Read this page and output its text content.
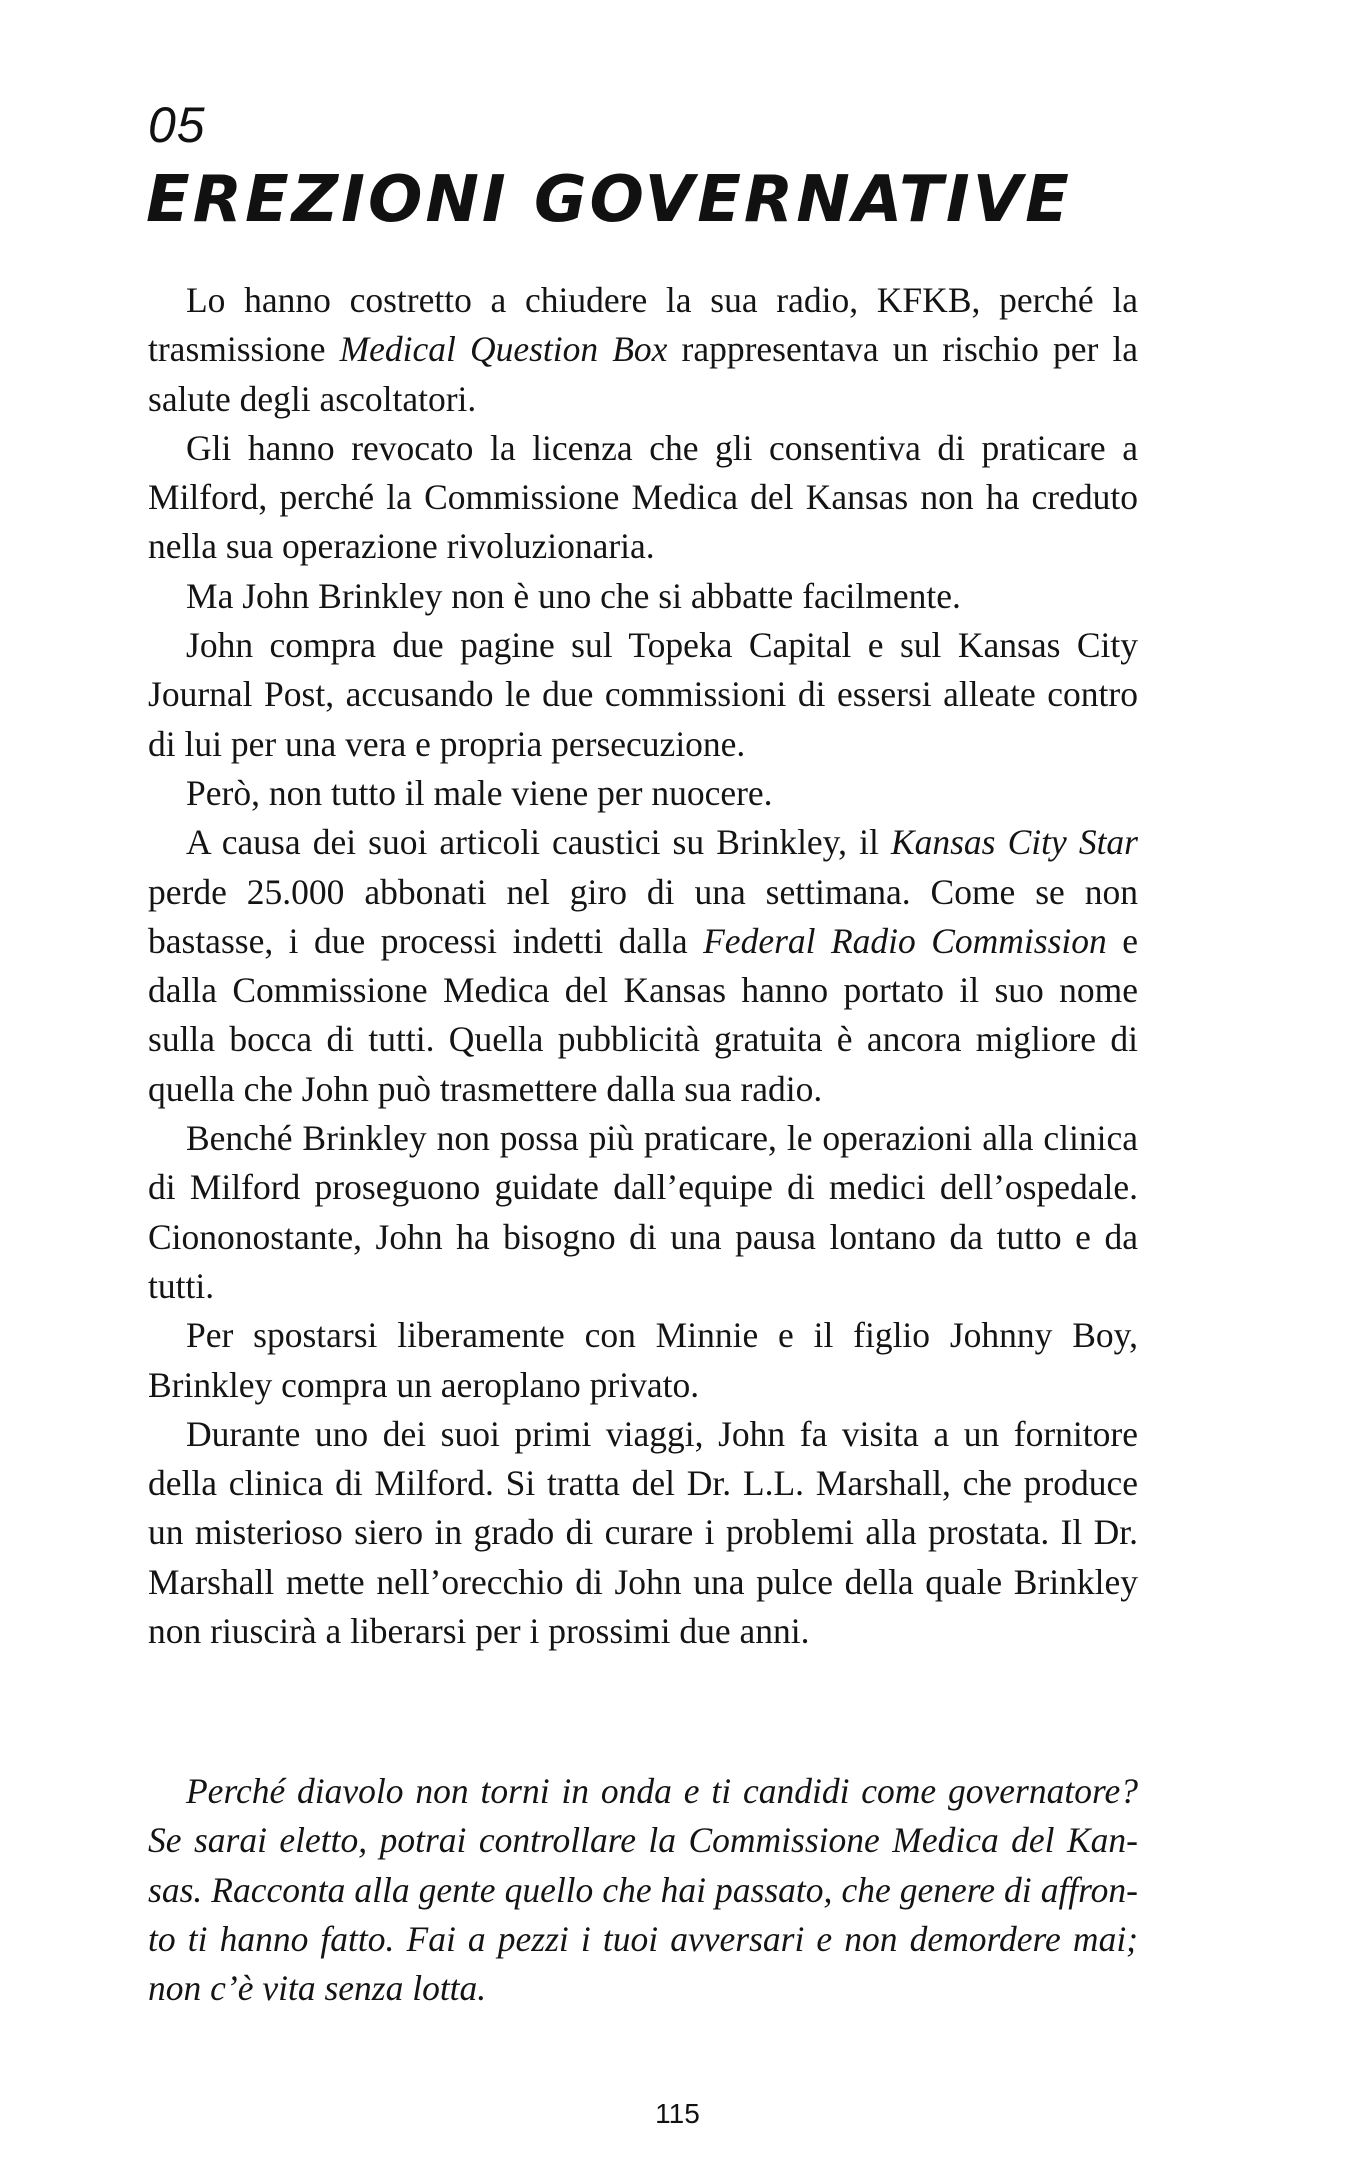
05
EREZIONI GOVERNATIVE

Lo hanno costretto a chiudere la sua radio, KFKB, perché la trasmissione Medical Question Box rappresentava un rischio per la salute degli ascoltatori.

Gli hanno revocato la licenza che gli consentiva di praticare a Milford, perché la Commissione Medica del Kansas non ha creduto nella sua operazione rivoluzionaria.

Ma John Brinkley non è uno che si abbatte facilmente.

John compra due pagine sul Topeka Capital e sul Kansas City Journal Post, accusando le due commissioni di essersi alleate contro di lui per una vera e propria persecuzione.

Però, non tutto il male viene per nuocere.

A causa dei suoi articoli caustici su Brinkley, il Kansas City Star perde 25.000 abbonati nel giro di una settimana. Come se non bastasse, i due processi indetti dalla Federal Radio Commission e dalla Commissione Medica del Kansas hanno portato il suo nome sulla bocca di tutti. Quella pubblicità gratuita è ancora migliore di quella che John può trasmettere dalla sua radio.

Benché Brinkley non possa più praticare, le operazioni alla clinica di Milford proseguono guidate dall’equipe di medici dell’ospedale. Ciononostante, John ha bisogno di una pausa lontano da tutto e da tutti.

Per spostarsi liberamente con Minnie e il figlio Johnny Boy, Brinkley compra un aeroplano privato.

Durante uno dei suoi primi viaggi, John fa visita a un fornitore della clinica di Milford. Si tratta del Dr. L.L. Marshall, che produce un misterioso siero in grado di curare i problemi alla prostata. Il Dr. Marshall mette nell’orecchio di John una pulce della quale Brinkley non riuscirà a liberarsi per i prossimi due anni.

Perché diavolo non torni in onda e ti candidi come governatore? Se sarai eletto, potrai controllare la Commissione Medica del Kansas. Racconta alla gente quello che hai passato, che genere di affronto ti hanno fatto. Fai a pezzi i tuoi avversari e non demordere mai; non c’è vita senza lotta.

115
